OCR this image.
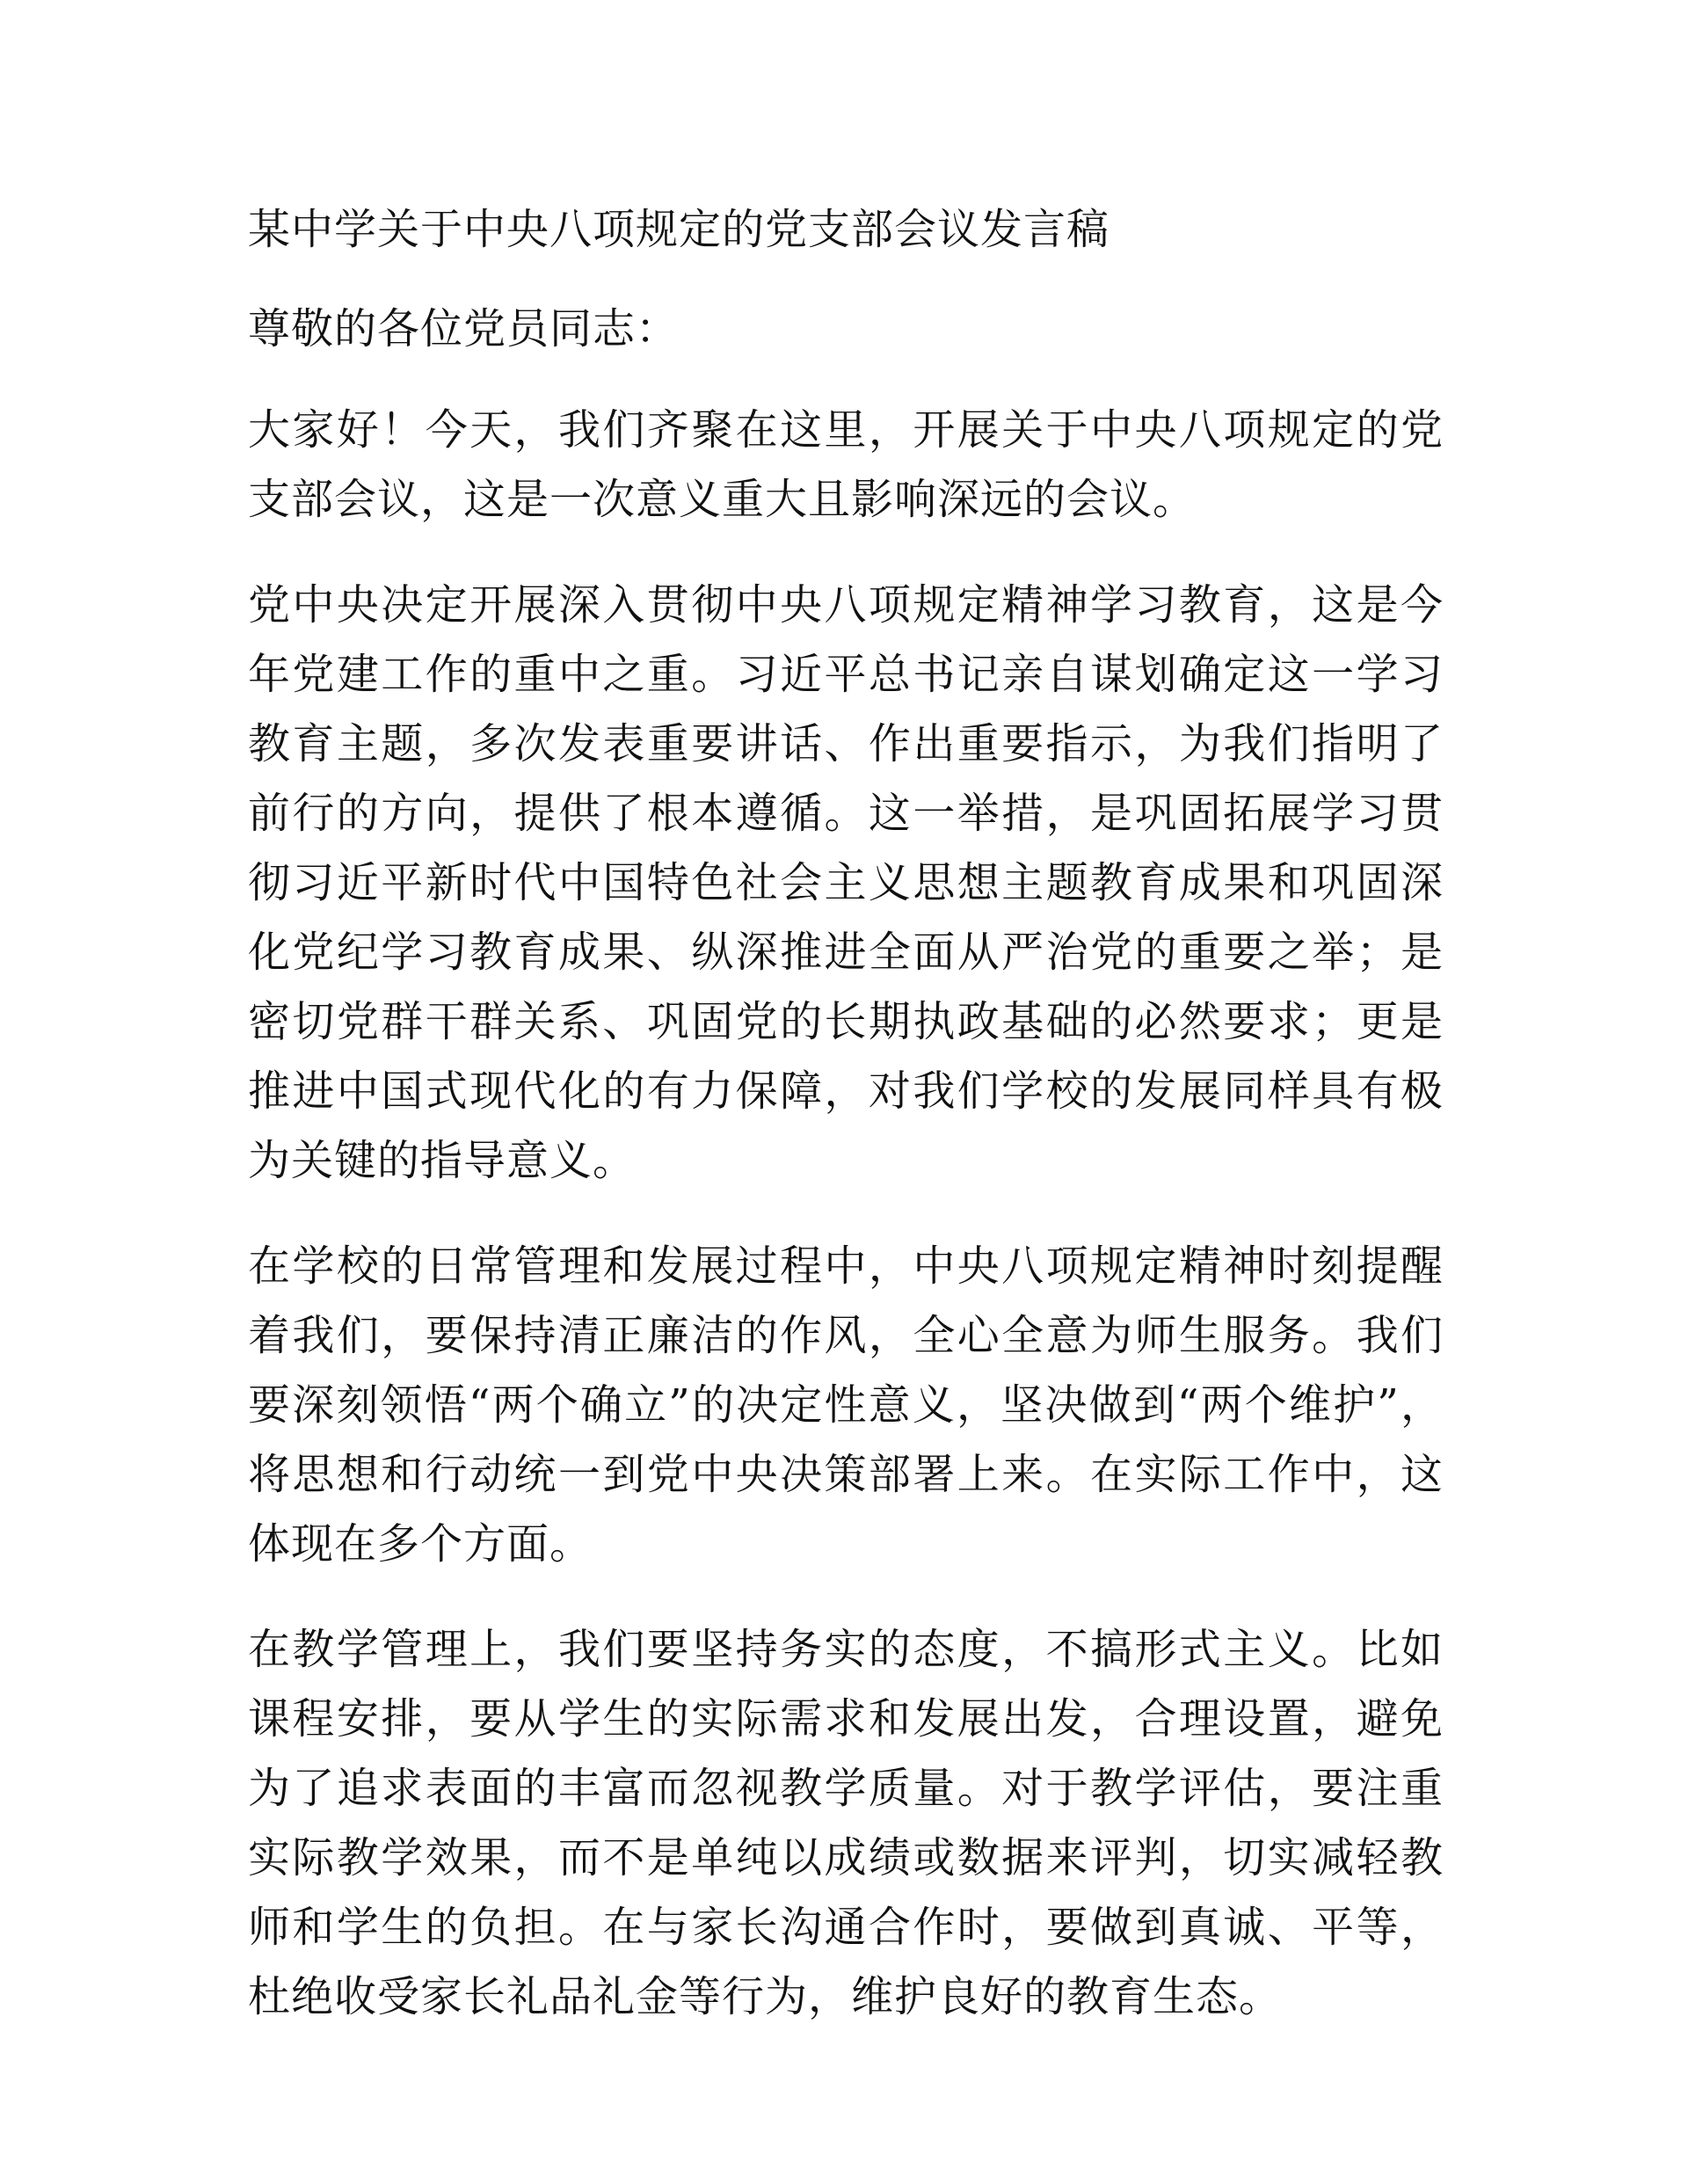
某中学关于中央八项规定的党支部会议发言稿

尊敬的各位党员同志：

大家好！今天，我们齐聚在这里，开展关于中央八项规定的党支部会议，这是一次意义重大且影响深远的会议。

党中央决定开展深入贯彻中央八项规定精神学习教育，这是今年党建工作的重中之重。习近平总书记亲自谋划确定这一学习教育主题，多次发表重要讲话、作出重要指示，为我们指明了前行的方向，提供了根本遵循。这一举措，是巩固拓展学习贯彻习近平新时代中国特色社会主义思想主题教育成果和巩固深化党纪学习教育成果、纵深推进全面从严治党的重要之举；是密切党群干群关系、巩固党的长期执政基础的必然要求；更是推进中国式现代化的有力保障，对我们学校的发展同样具有极为关键的指导意义。

在学校的日常管理和发展过程中，中央八项规定精神时刻提醒着我们，要保持清正廉洁的作风，全心全意为师生服务。我们要深刻领悟“两个确立”的决定性意义，坚决做到“两个维护”，将思想和行动统一到党中央决策部署上来。在实际工作中，这体现在多个方面。

在教学管理上，我们要坚持务实的态度，不搞形式主义。比如课程安排，要从学生的实际需求和发展出发，合理设置，避免为了追求表面的丰富而忽视教学质量。对于教学评估，要注重实际教学效果，而不是单纯以成绩或数据来评判，切实减轻教师和学生的负担。在与家长沟通合作时，要做到真诚、平等，杜绝收受家长礼品礼金等行为，维护良好的教育生态。
